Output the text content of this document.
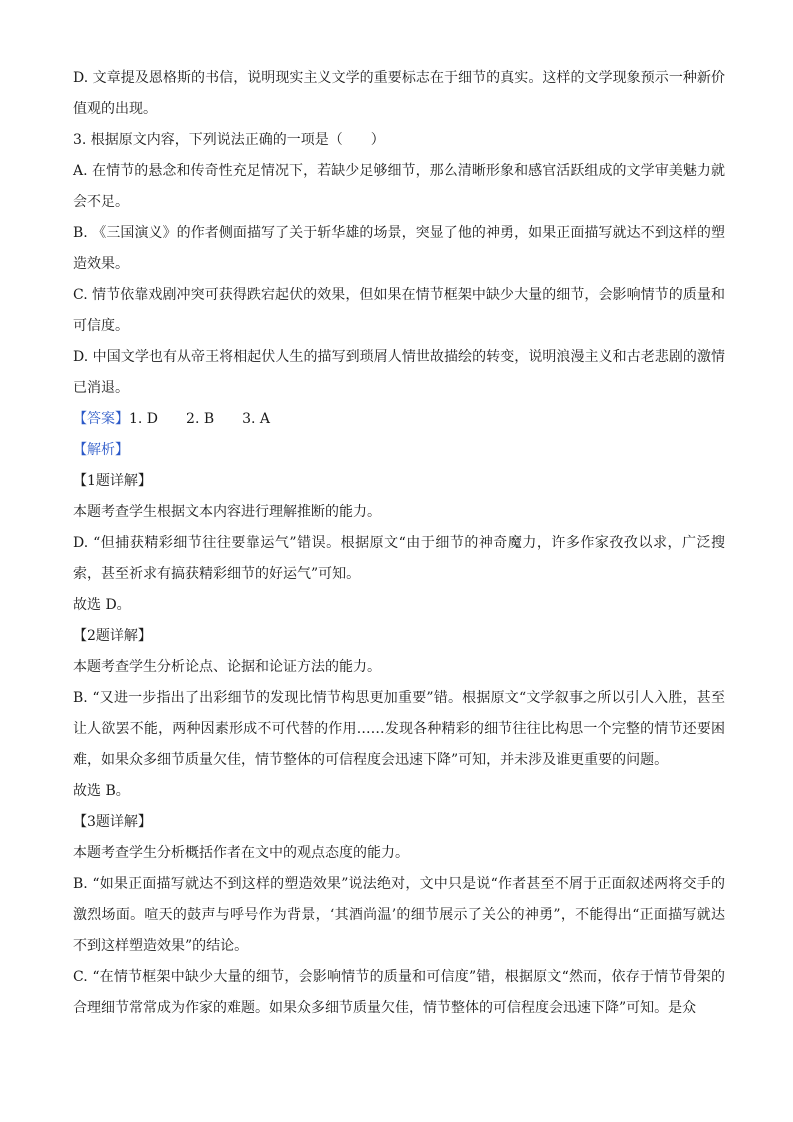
D. 文章提及恩格斯的书信，说明现实主义文学的重要标志在于细节的真实。这样的文学现象预示一种新价值观的出现。

3. 根据原文内容，下列说法正确的一项是（　　）

A. 在情节的悬念和传奇性充足情况下，若缺少足够细节，那么清晰形象和感官活跃组成的文学审美魅力就会不足。

B. 《三国演义》的作者侧面描写了关于斩华雄的场景，突显了他的神勇，如果正面描写就达不到这样的塑造效果。

C. 情节依靠戏剧冲突可获得跌宕起伏的效果，但如果在情节框架中缺少大量的细节，会影响情节的质量和可信度。

D. 中国文学也有从帝王将相起伏人生的描写到琐屑人情世故描绘的转变，说明浪漫主义和古老悲剧的激情已消退。

【答案】1. D　　2. B　　3. A

【解析】

【1题详解】

本题考查学生根据文本内容进行理解推断的能力。

D. “但捕获精彩细节往往要靠运气”错误。根据原文“由于细节的神奇魔力，许多作家孜孜以求，广泛搜索，甚至祈求有搞获精彩细节的好运气”可知。

故选 D。

【2题详解】

本题考查学生分析论点、论据和论证方法的能力。

B. “又进一步指出了出彩细节的发现比情节构思更加重要”错。根据原文“文学叙事之所以引人入胜，甚至让人欲罢不能，两种因素形成不可代替的作用……发现各种精彩的细节往往比构思一个完整的情节还要困难，如果众多细节质量欠佳，情节整体的可信程度会迅速下降”可知，并未涉及谁更重要的问题。

故选 B。

【3题详解】

本题考查学生分析概括作者在文中的观点态度的能力。

B. “如果正面描写就达不到这样的塑造效果”说法绝对，文中只是说“作者甚至不屑于正面叙述两将交手的激烈场面。喧天的鼓声与呼号作为背景，‘其酒尚温’的细节展示了关公的神勇”，不能得出“正面描写就达不到这样塑造效果”的结论。

C. “在情节框架中缺少大量的细节，会影响情节的质量和可信度”错，根据原文“然而，依存于情节骨架的合理细节常常成为作家的难题。如果众多细节质量欠佳，情节整体的可信程度会迅速下降”可知。是众
